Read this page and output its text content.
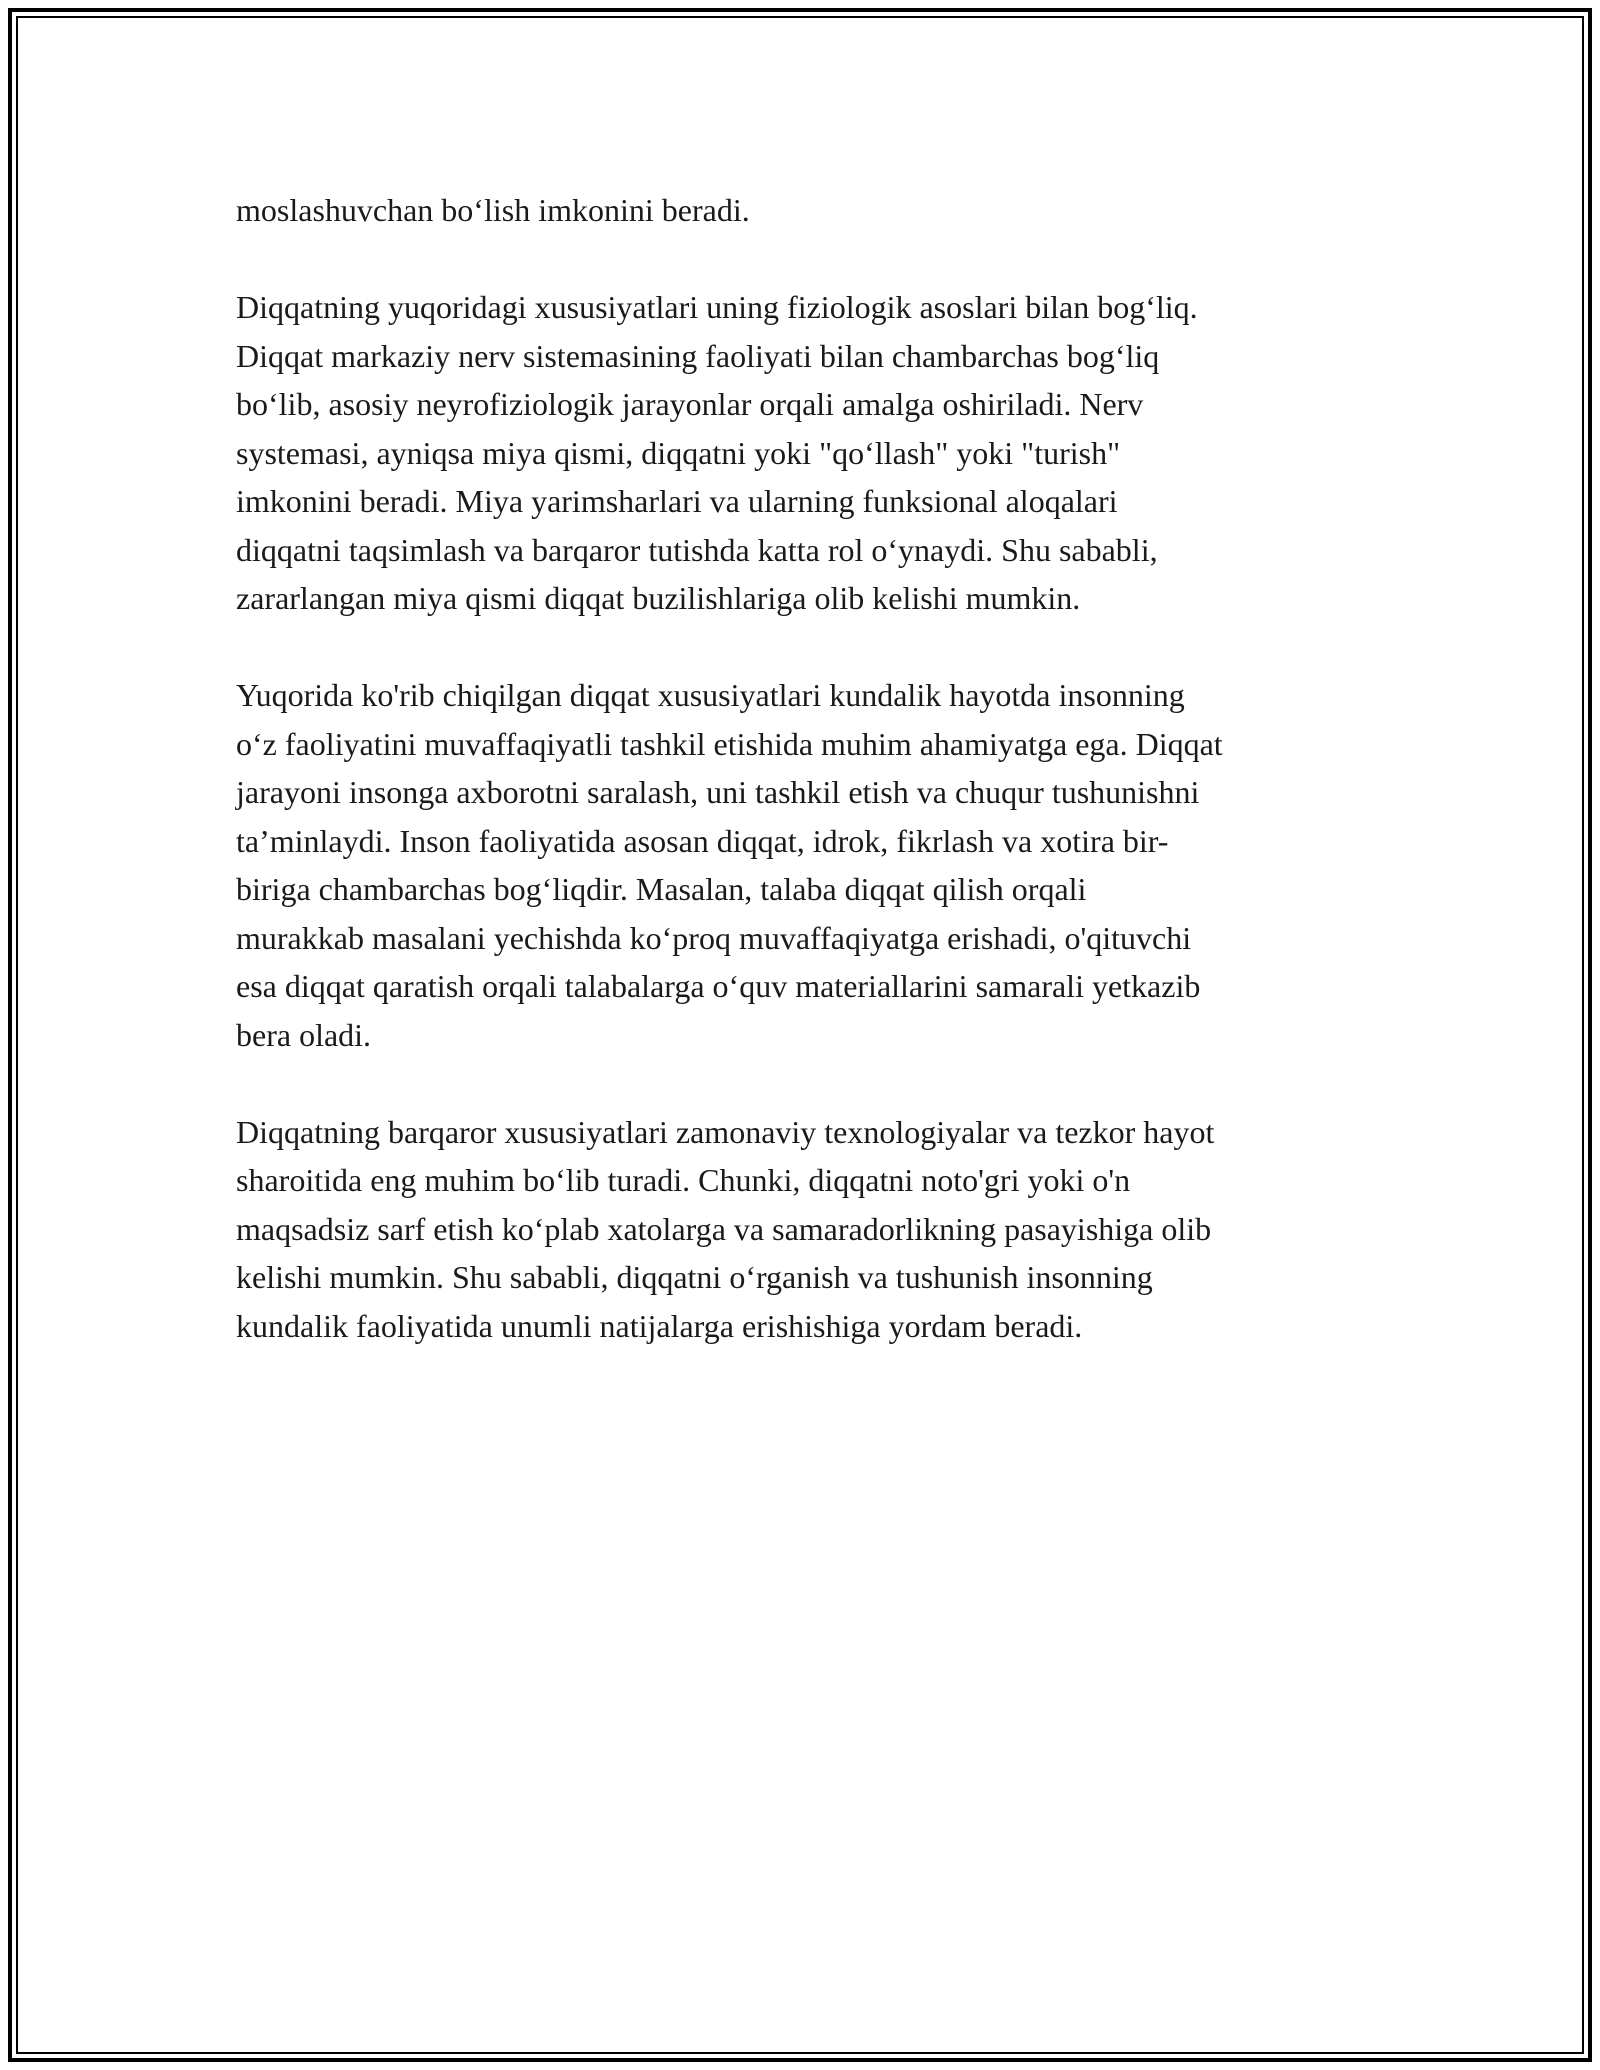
moslashuvchan bo‘lish imkonini beradi.

Diqqatning yuqoridagi xususiyatlari uning fiziologik asoslari bilan bog‘liq.
Diqqat markaziy nerv sistemasining faoliyati bilan chambarchas bog‘liq
bo‘lib, asosiy neyrofiziologik jarayonlar orqali amalga oshiriladi. Nerv
systemasi, ayniqsa miya qismi, diqqatni yoki "qo‘llash" yoki "turish"
imkonini beradi. Miya yarimsharlari va ularning funksional aloqalari
diqqatni taqsimlash va barqaror tutishda katta rol o‘ynaydi. Shu sababli,
zararlangan miya qismi diqqat buzilishlariga olib kelishi mumkin.

Yuqorida ko'rib chiqilgan diqqat xususiyatlari kundalik hayotda insonning
o‘z faoliyatini muvaffaqiyatli tashkil etishida muhim ahamiyatga ega. Diqqat
jarayoni insonga axborotni saralash, uni tashkil etish va chuqur tushunishni
ta’minlaydi. Inson faoliyatida asosan diqqat, idrok, fikrlash va xotira bir-
biriga chambarchas bog‘liqdir. Masalan, talaba diqqat qilish orqali
murakkab masalani yechishda ko‘proq muvaffaqiyatga erishadi, o'qituvchi
esa diqqat qaratish orqali talabalarga o‘quv materiallarini samarali yetkazib
bera oladi.

Diqqatning barqaror xususiyatlari zamonaviy texnologiyalar va tezkor hayot
sharoitida eng muhim bo‘lib turadi. Chunki, diqqatni noto'gri yoki o'n
maqsadsiz sarf etish ko‘plab xatolarga va samaradorlikning pasayishiga olib
kelishi mumkin. Shu sababli, diqqatni o‘rganish va tushunish insonning
kundalik faoliyatida unumli natijalarga erishishiga yordam beradi.
